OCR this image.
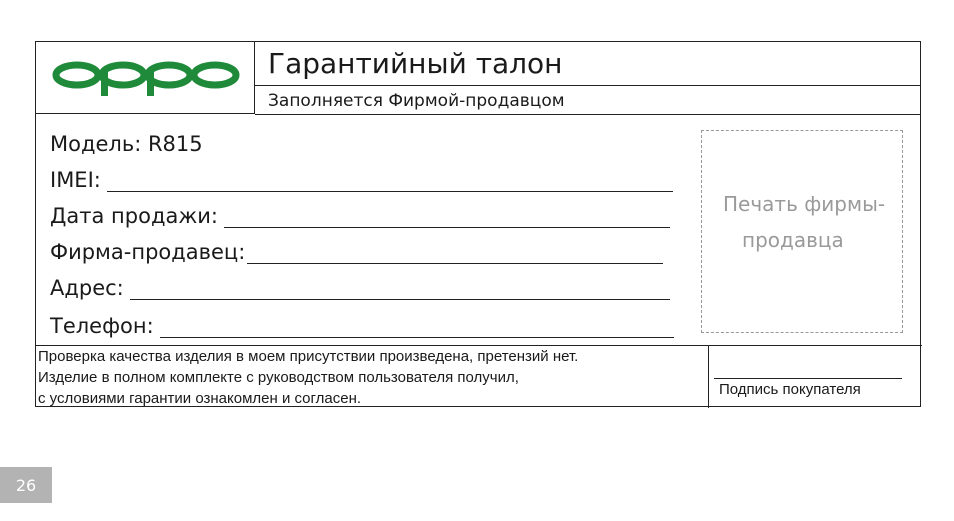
Гарантийный талон
Заполняется Фирмой-продавцом
Модель: R815
IMEI:
Дата продажи:
Фирма-продавец:
Адрес:
Телефон:
Печать фирмы-
продавца
Проверка качества изделия в моем присутствии произведена, претензий нет.
Изделие в полном комплекте с руководством пользователя получил,
с условиями гарантии ознакомлен и согласен.
Подпись покупателя
26
